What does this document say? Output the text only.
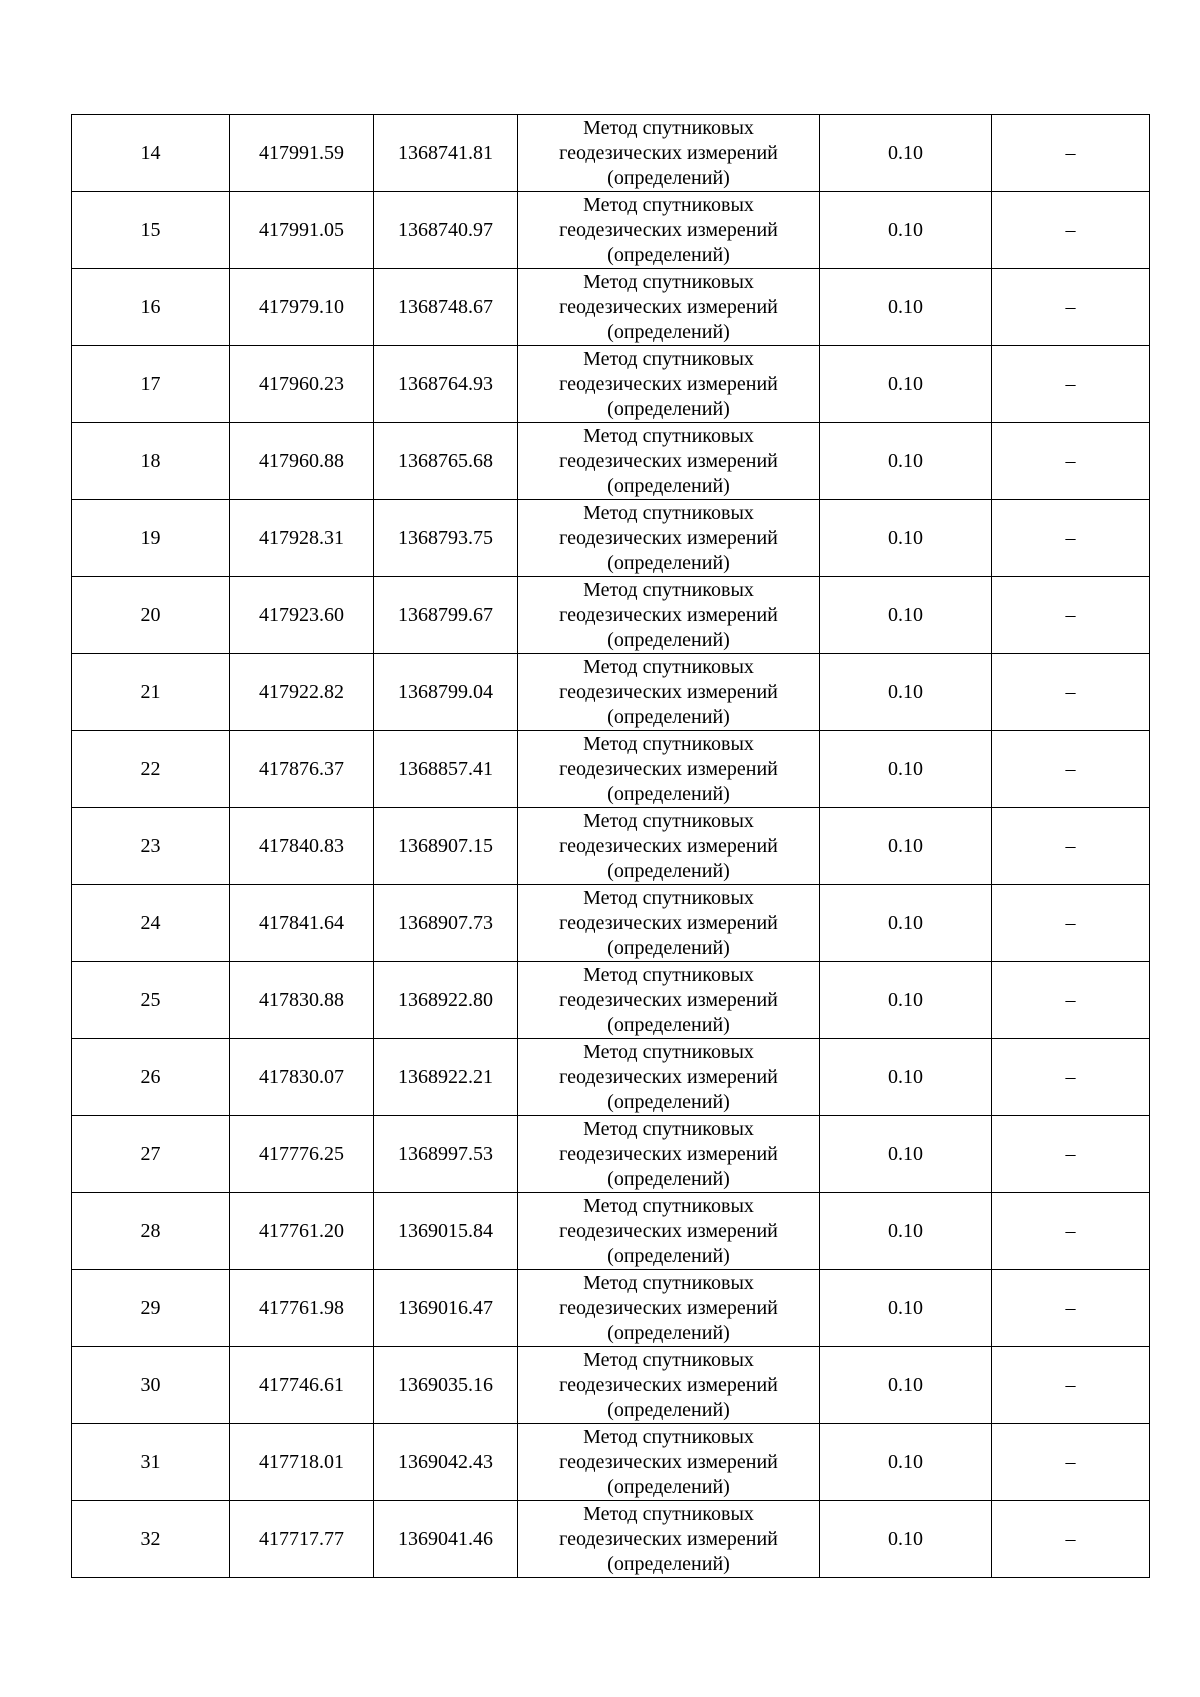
14	417991.59	1368741.81	Метод спутниковых
геодезических измерений
(определений)	0.10	–
15	417991.05	1368740.97	Метод спутниковых
геодезических измерений
(определений)	0.10	–
16	417979.10	1368748.67	Метод спутниковых
геодезических измерений
(определений)	0.10	–
17	417960.23	1368764.93	Метод спутниковых
геодезических измерений
(определений)	0.10	–
18	417960.88	1368765.68	Метод спутниковых
геодезических измерений
(определений)	0.10	–
19	417928.31	1368793.75	Метод спутниковых
геодезических измерений
(определений)	0.10	–
20	417923.60	1368799.67	Метод спутниковых
геодезических измерений
(определений)	0.10	–
21	417922.82	1368799.04	Метод спутниковых
геодезических измерений
(определений)	0.10	–
22	417876.37	1368857.41	Метод спутниковых
геодезических измерений
(определений)	0.10	–
23	417840.83	1368907.15	Метод спутниковых
геодезических измерений
(определений)	0.10	–
24	417841.64	1368907.73	Метод спутниковых
геодезических измерений
(определений)	0.10	–
25	417830.88	1368922.80	Метод спутниковых
геодезических измерений
(определений)	0.10	–
26	417830.07	1368922.21	Метод спутниковых
геодезических измерений
(определений)	0.10	–
27	417776.25	1368997.53	Метод спутниковых
геодезических измерений
(определений)	0.10	–
28	417761.20	1369015.84	Метод спутниковых
геодезических измерений
(определений)	0.10	–
29	417761.98	1369016.47	Метод спутниковых
геодезических измерений
(определений)	0.10	–
30	417746.61	1369035.16	Метод спутниковых
геодезических измерений
(определений)	0.10	–
31	417718.01	1369042.43	Метод спутниковых
геодезических измерений
(определений)	0.10	–
32	417717.77	1369041.46	Метод спутниковых
геодезических измерений
(определений)	0.10	–
